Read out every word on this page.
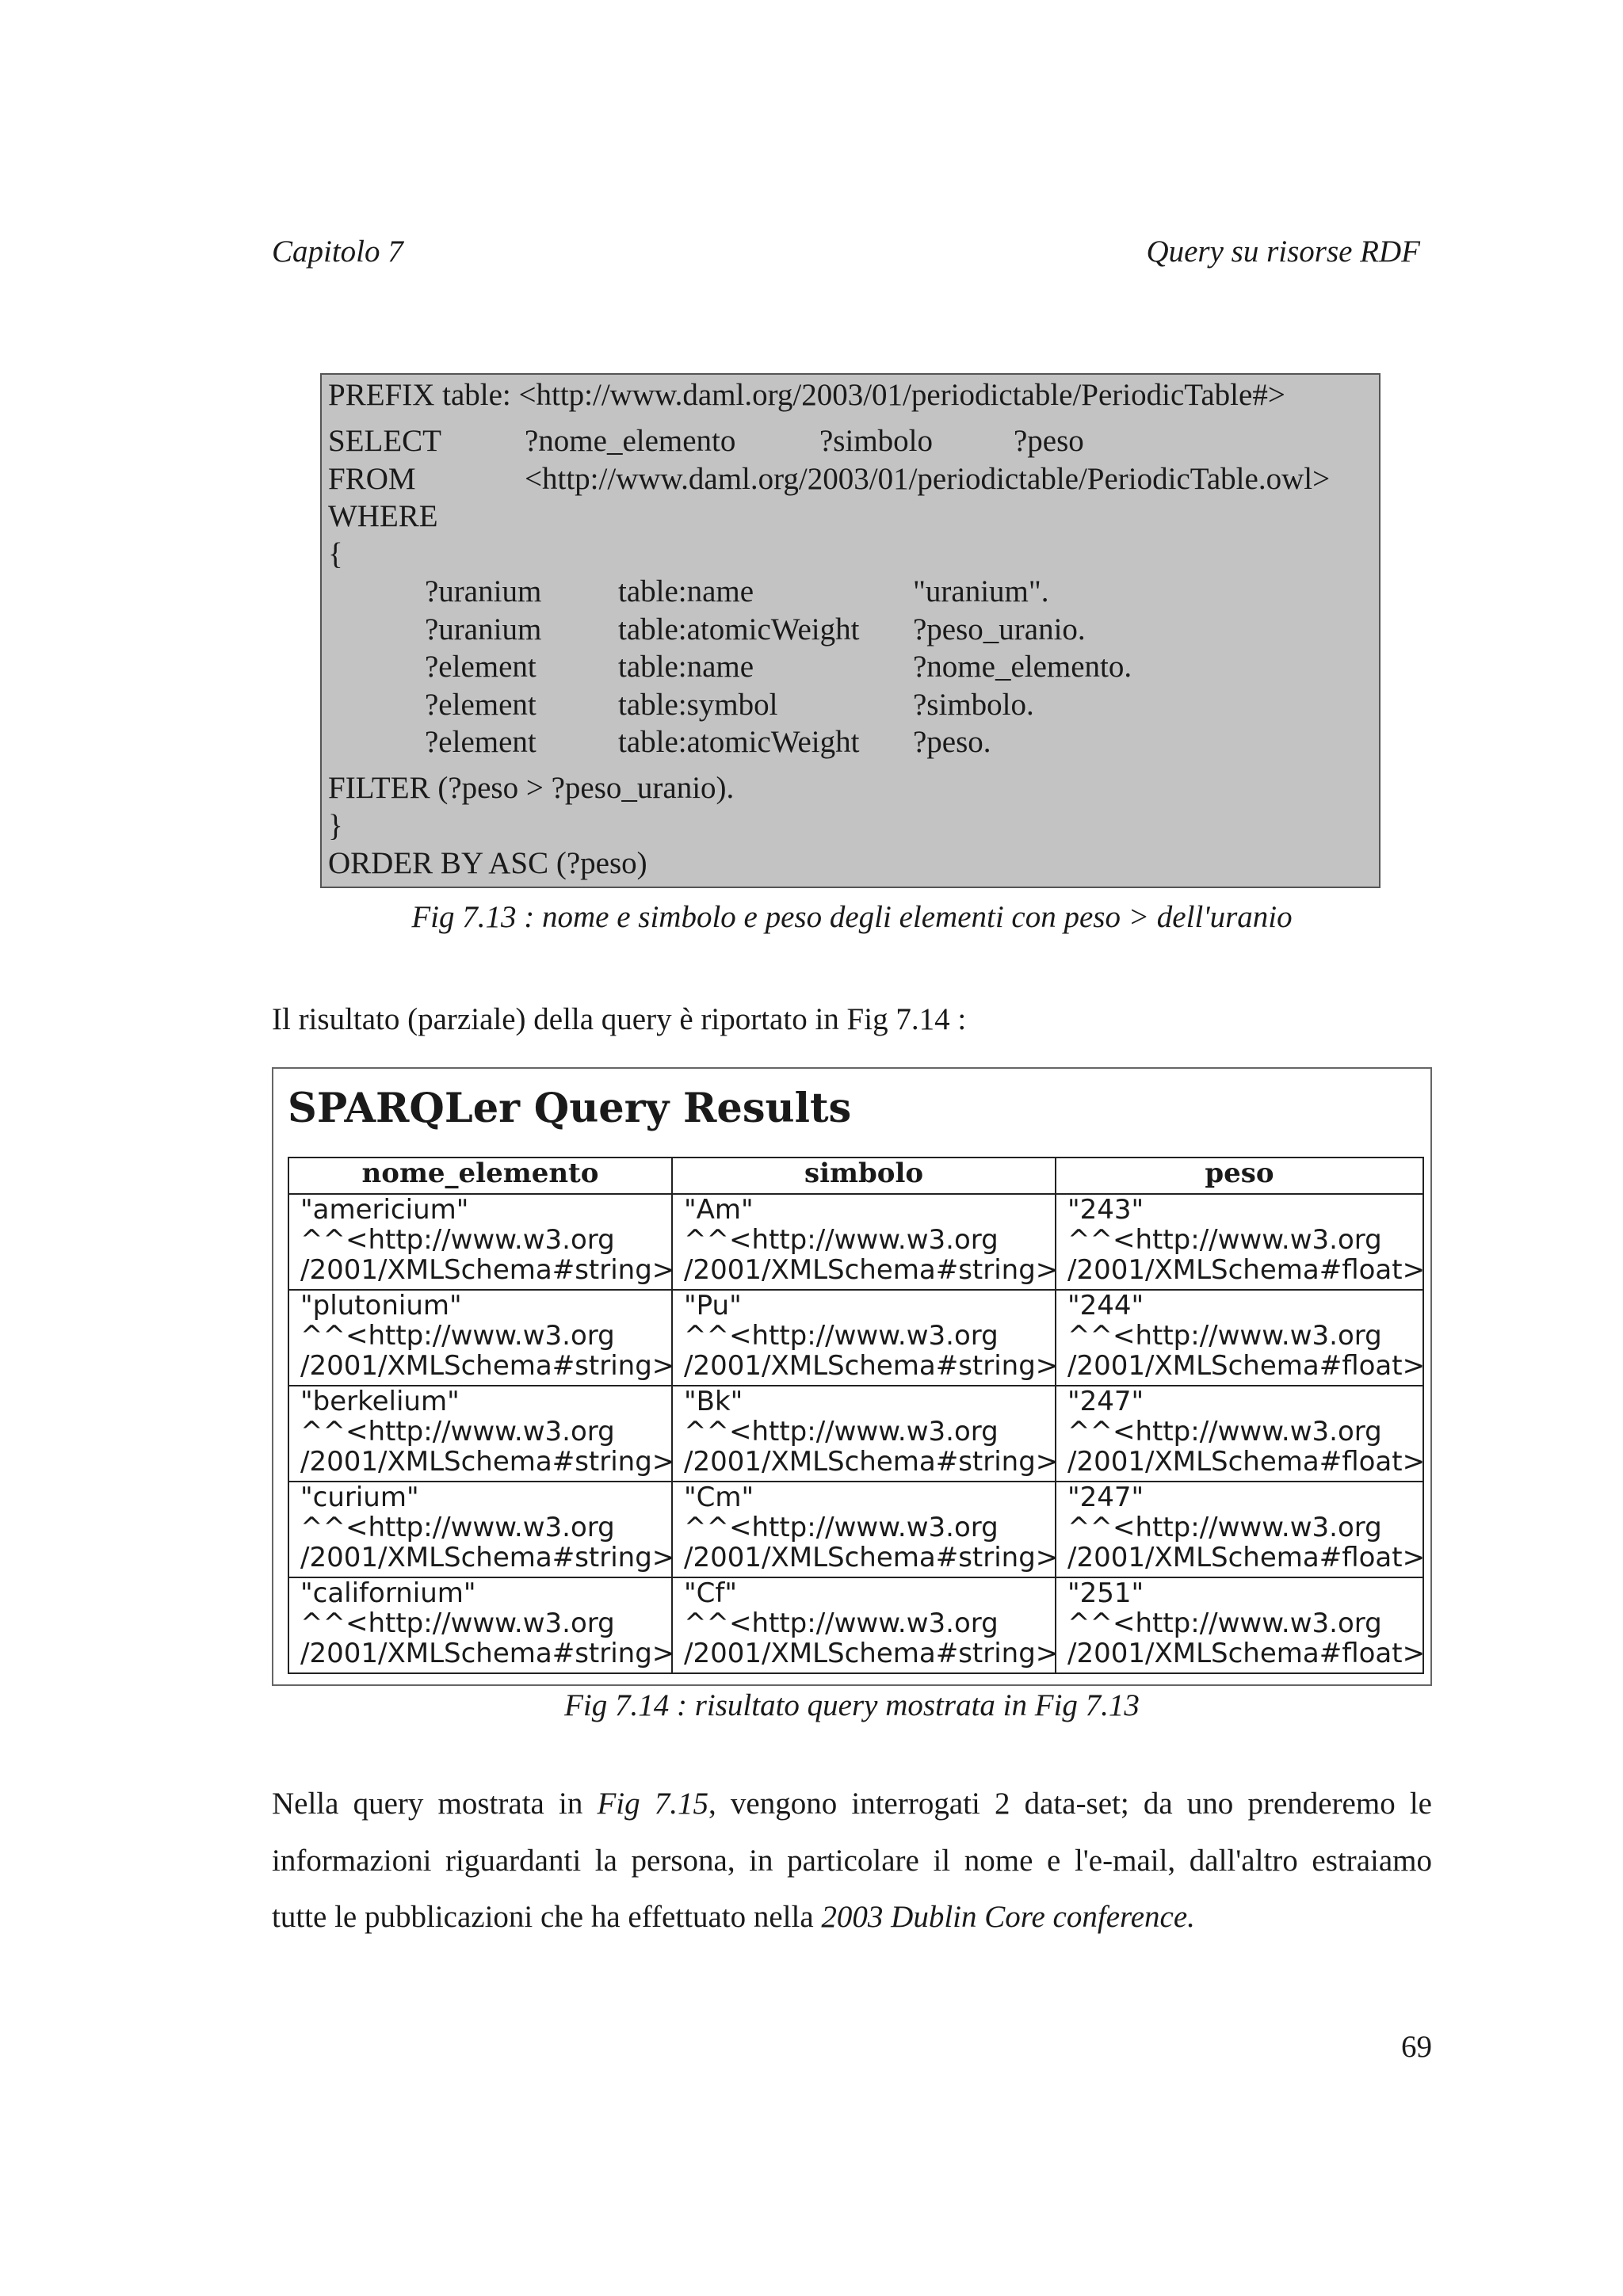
Capitolo 7	Query su risorse RDF
PREFIX table: <http://www.daml.org/2003/01/periodictable/PeriodicTable#>
SELECT	?nome_elemento	?simbolo	?peso
FROM	<http://www.daml.org/2003/01/periodictable/PeriodicTable.owl>
WHERE
{
?uranium table:name	"uranium".
?uranium table:atomicWeight ?peso_uranio.
?element	table:name	?nome_elemento.
?element	table:symbol	?simbolo.
?element	table:atomicWeight ?peso.
FILTER (?peso > ?peso_uranio).
}
ORDER BY ASC (?peso)
Fig 7.13 : nome e simbolo e peso degli elementi con peso > dell'uranio
Il risultato (parziale) della query è riportato in Fig 7.14 :
SPARQLer Query Results
nome_elemento	simbolo	peso

"americium"
^^<http://www.w3.org
/2001/XMLSchema#string>	"Am"
^^<http://www.w3.org
/2001/XMLSchema#string>	"243"
^^<http://www.w3.org
/2001/XMLSchema#float>

"plutonium"
^^<http://www.w3.org
/2001/XMLSchema#string>	"Pu"
^^<http://www.w3.org
/2001/XMLSchema#string>	"244"
^^<http://www.w3.org
/2001/XMLSchema#float>

"berkelium"
^^<http://www.w3.org
/2001/XMLSchema#string>	"Bk"
^^<http://www.w3.org
/2001/XMLSchema#string>	"247"
^^<http://www.w3.org
/2001/XMLSchema#float>

"curium"
^^<http://www.w3.org
/2001/XMLSchema#string>	"Cm"
^^<http://www.w3.org
/2001/XMLSchema#string>	"247"
^^<http://www.w3.org
/2001/XMLSchema#float>

"californium"
^^<http://www.w3.org
/2001/XMLSchema#string>	"Cf"
^^<http://www.w3.org
/2001/XMLSchema#string>	"251"
^^<http://www.w3.org
/2001/XMLSchema#float>
Fig 7.14 : risultato query mostrata in Fig 7.13
Nella query mostrata in Fig 7.15, vengono interrogati 2 data-set; da uno prenderemo le
informazioni riguardanti la persona, in particolare il nome e l'e-mail, dall'altro estraiamo
tutte le pubblicazioni che ha effettuato nella 2003 Dublin Core conference.
69
